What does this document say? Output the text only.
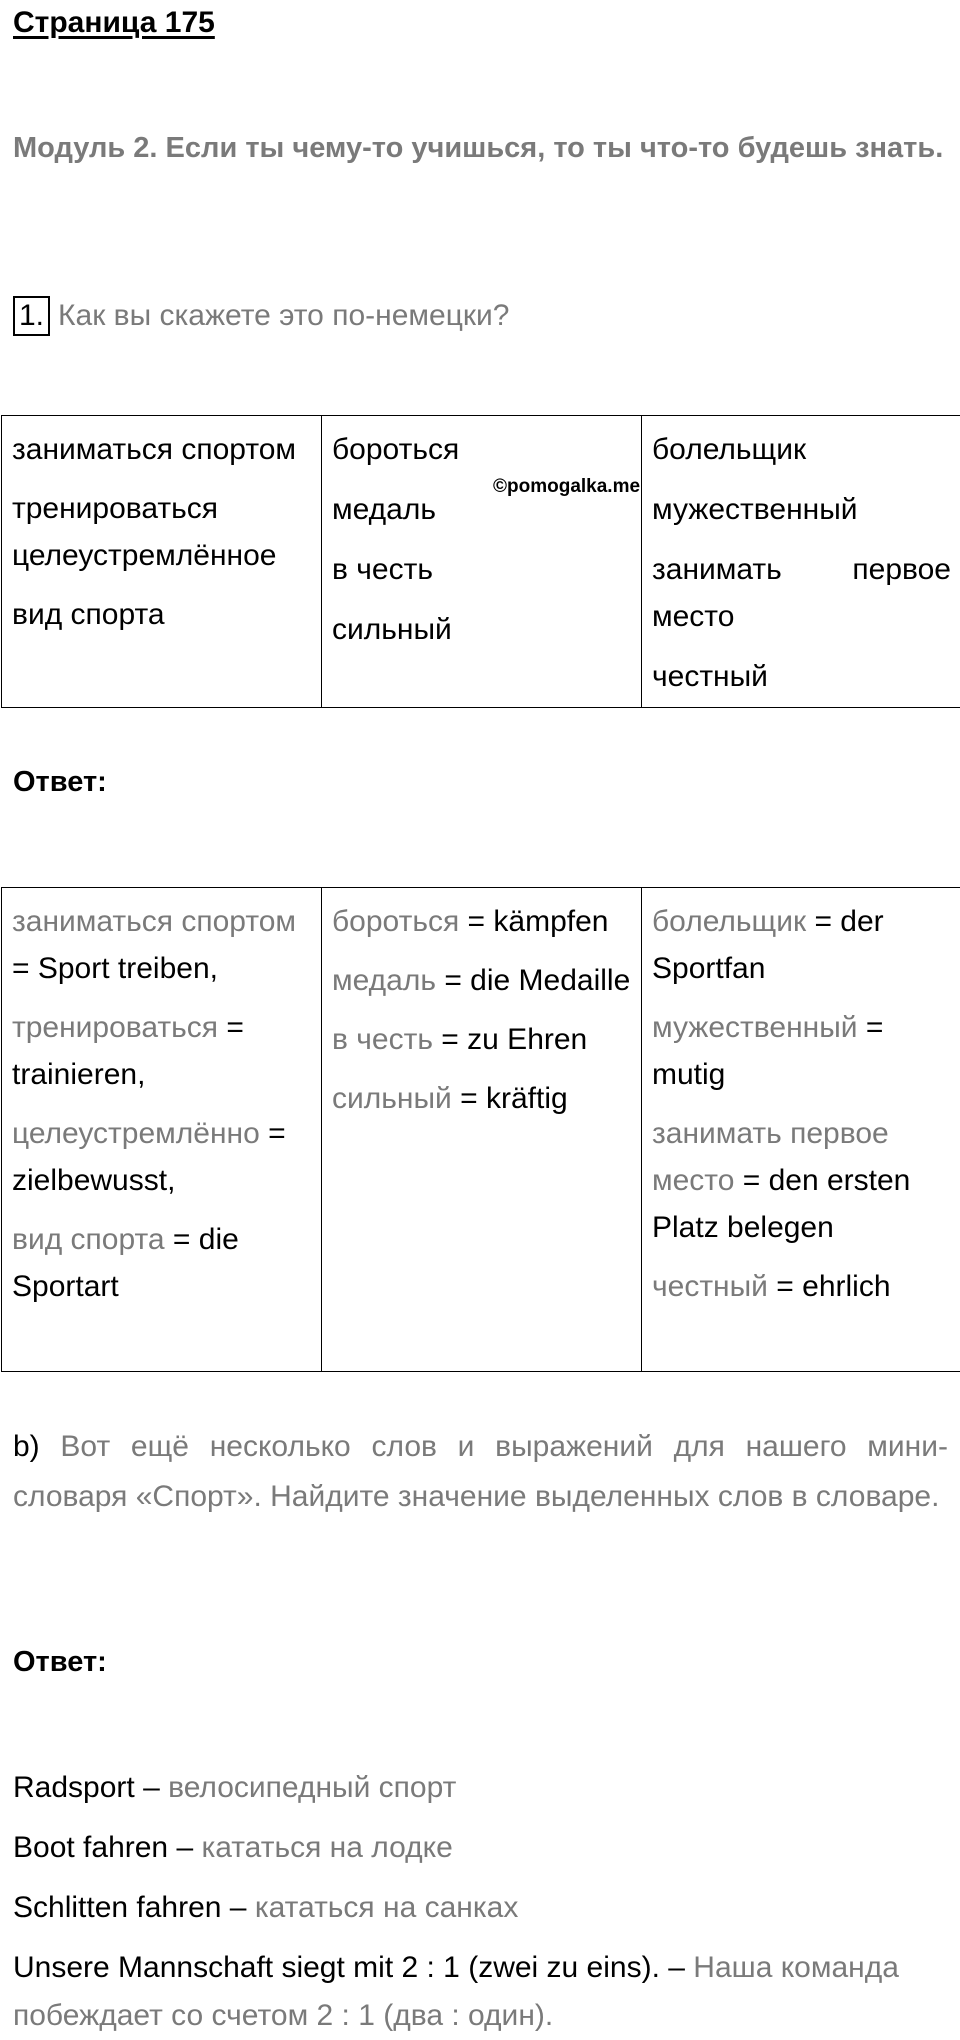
Страница 175
Модуль 2. Если ты чему-то учишься, то ты что-то будешь знать.
1. Как вы скажете это по-немецки?
заниматься спортом
тренироваться
целеустремлённое
вид спорта

бороться
медаль
в честь
сильный

болельщик
мужественный
занимать первое
место
честный
©pomogalka.me
Ответ:
заниматься спортом = Sport treiben,
тренироваться = trainieren,
целеустремлённо = zielbewusst,
вид спорта = die Sportart

бороться = kämpfen
медаль = die Medaille
в честь = zu Ehren
сильный = kräftig

болельщик = der Sportfan
мужественный = mutig
занимать первое место = den ersten Platz belegen
честный = ehrlich
b) Вот ещё несколько слов и выражений для нашего мини-словаря «Спорт». Найдите значение выделенных слов в словаре.
Ответ:
Radsport – велосипедный спорт
Boot fahren – кататься на лодке
Schlitten fahren – кататься на санках
Unsere Mannschaft siegt mit 2 : 1 (zwei zu eins). – Наша команда побеждает со счетом 2 : 1 (два : один).
